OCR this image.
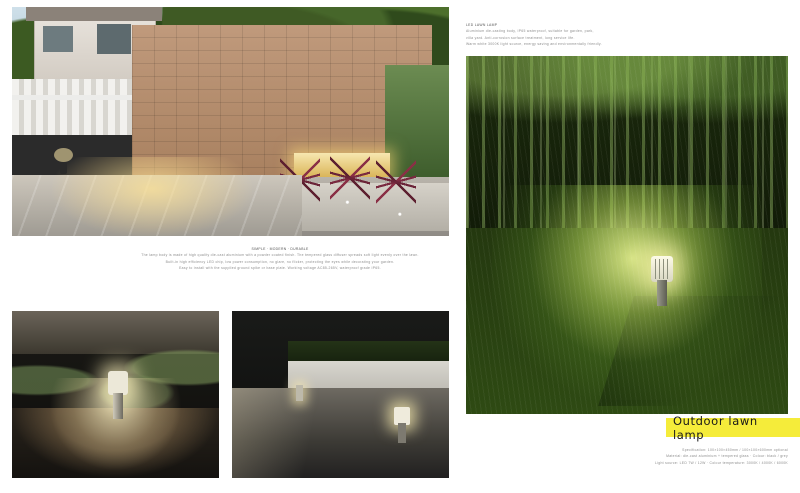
LED LAWN LAMP
Aluminium die-casting body, IP65 waterproof, suitable for garden, park,
villa yard. Anti-corrosion surface treatment, long service life.
Warm white 3000K light source, energy saving and environmentally friendly.
SIMPLE · MODERN · DURABLE
The lamp body is made of high quality die-cast aluminium with a powder coated finish. The tempered glass diffuser spreads soft light evenly over the lawn.
Built-in high efficiency LED chip, low power consumption, no glare, no flicker, protecting the eyes while decorating your garden.
Easy to install with the supplied ground spike or base plate. Working voltage AC85-265V, waterproof grade IP65.
Specification: 100×100×450mm / 100×100×600mm optional
Material: die-cast aluminium + tempered glass · Colour: black / grey
Light source: LED 7W / 12W · Colour temperature: 3000K / 4000K / 6000K
Outdoor lawn lamp
